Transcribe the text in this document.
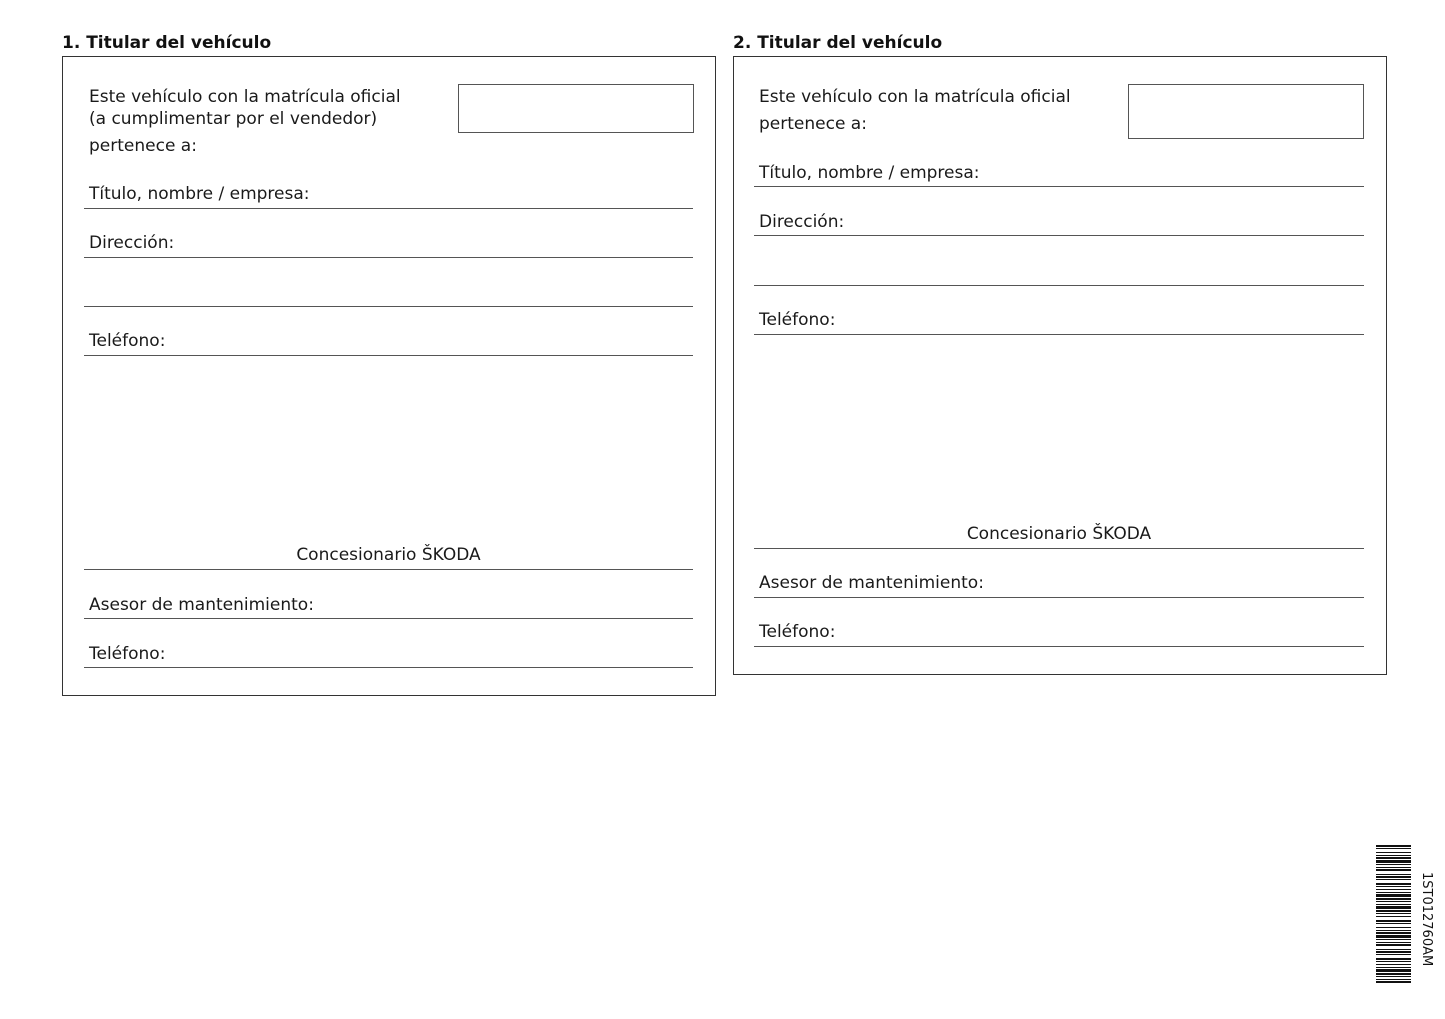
1. Titular del vehículo
Este vehículo con la matrícula oficial
(a cumplimentar por el vendedor)
pertenece a:
Título, nombre / empresa:
Dirección:
Teléfono:
Concesionario ŠKODA
Asesor de mantenimiento:
Teléfono:
2. Titular del vehículo
Este vehículo con la matrícula oficial
pertenece a:
Título, nombre / empresa:
Dirección:
Teléfono:
Concesionario ŠKODA
Asesor de mantenimiento:
Teléfono:
1ST012760AM
